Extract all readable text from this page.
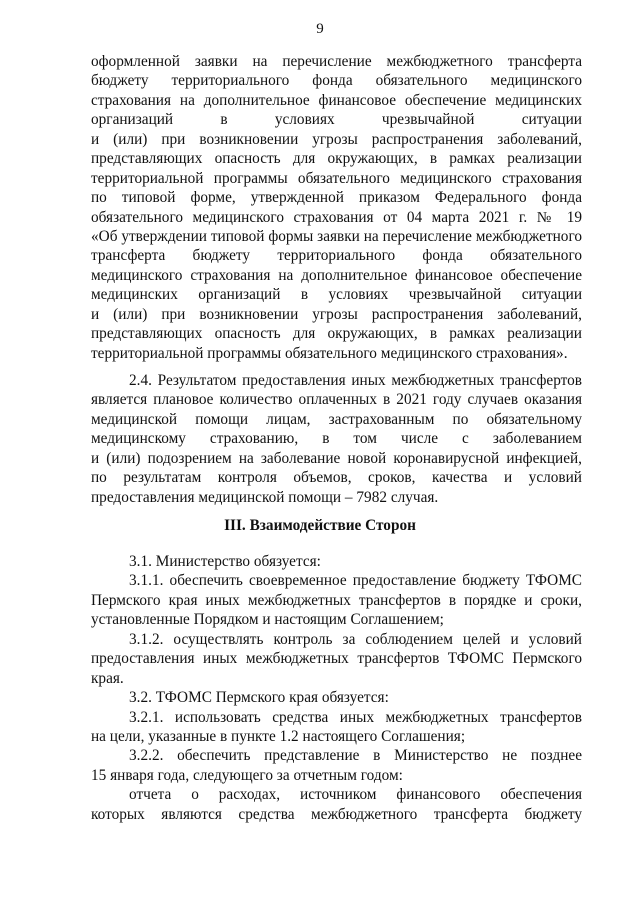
9
оформленной заявки на перечисление межбюджетного трансферта
бюджету территориального фонда обязательного медицинского
страхования на дополнительное финансовое обеспечение медицинских
организаций в условиях чрезвычайной ситуации
и (или) при возникновении угрозы распространения заболеваний,
представляющих опасность для окружающих, в рамках реализации
территориальной программы обязательного медицинского страхования
по типовой форме, утвержденной приказом Федерального фонда
обязательного медицинского страхования от 04 марта 2021 г. № 19
«Об утверждении типовой формы заявки на перечисление межбюджетного
трансферта бюджету территориального фонда обязательного
медицинского страхования на дополнительное финансовое обеспечение
медицинских организаций в условиях чрезвычайной ситуации
и (или) при возникновении угрозы распространения заболеваний,
представляющих опасность для окружающих, в рамках реализации
территориальной программы обязательного медицинского страхования».
2.4. Результатом предоставления иных межбюджетных трансфертов
является плановое количество оплаченных в 2021 году случаев оказания
медицинской помощи лицам, застрахованным по обязательному
медицинскому страхованию, в том числе с заболеванием
и (или) подозрением на заболевание новой коронавирусной инфекцией,
по результатам контроля объемов, сроков, качества и условий
предоставления медицинской помощи – 7982 случая.
III. Взаимодействие Сторон
3.1. Министерство обязуется:
3.1.1. обеспечить своевременное предоставление бюджету ТФОМС
Пермского края иных межбюджетных трансфертов в порядке и сроки,
установленные Порядком и настоящим Соглашением;
3.1.2. осуществлять контроль за соблюдением целей и условий
предоставления иных межбюджетных трансфертов ТФОМС Пермского
края.
3.2. ТФОМС Пермского края обязуется:
3.2.1. использовать средства иных межбюджетных трансфертов
на цели, указанные в пункте 1.2 настоящего Соглашения;
3.2.2. обеспечить представление в Министерство не позднее
15 января года, следующего за отчетным годом:
отчета о расходах, источником финансового обеспечения
которых являются средства межбюджетного трансферта бюджету
